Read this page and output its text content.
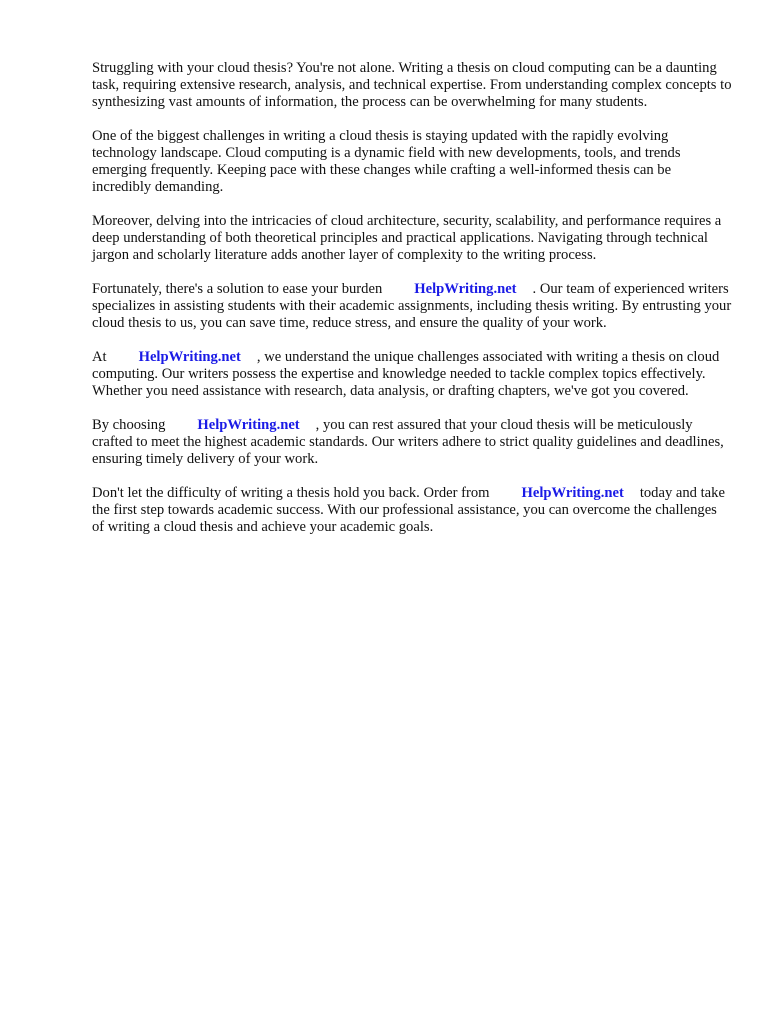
Struggling with your cloud thesis? You're not alone. Writing a thesis on cloud computing can be a daunting task, requiring extensive research, analysis, and technical expertise. From understanding complex concepts to synthesizing vast amounts of information, the process can be overwhelming for many students.

One of the biggest challenges in writing a cloud thesis is staying updated with the rapidly evolving technology landscape. Cloud computing is a dynamic field with new developments, tools, and trends emerging frequently. Keeping pace with these changes while crafting a well-informed thesis can be incredibly demanding.

Moreover, delving into the intricacies of cloud architecture, security, scalability, and performance requires a deep understanding of both theoretical principles and practical applications. Navigating through technical jargon and scholarly literature adds another layer of complexity to the writing process.

Fortunately, there's a solution to ease your burden HelpWriting.net . Our team of experienced writers specializes in assisting students with their academic assignments, including thesis writing. By entrusting your cloud thesis to us, you can save time, reduce stress, and ensure the quality of your work.

At HelpWriting.net , we understand the unique challenges associated with writing a thesis on cloud computing. Our writers possess the expertise and knowledge needed to tackle complex topics effectively. Whether you need assistance with research, data analysis, or drafting chapters, we've got you covered.

By choosing HelpWriting.net , you can rest assured that your cloud thesis will be meticulously crafted to meet the highest academic standards. Our writers adhere to strict quality guidelines and deadlines, ensuring timely delivery of your work.

Don't let the difficulty of writing a thesis hold you back. Order from HelpWriting.net today and take the first step towards academic success. With our professional assistance, you can overcome the challenges of writing a cloud thesis and achieve your academic goals.
